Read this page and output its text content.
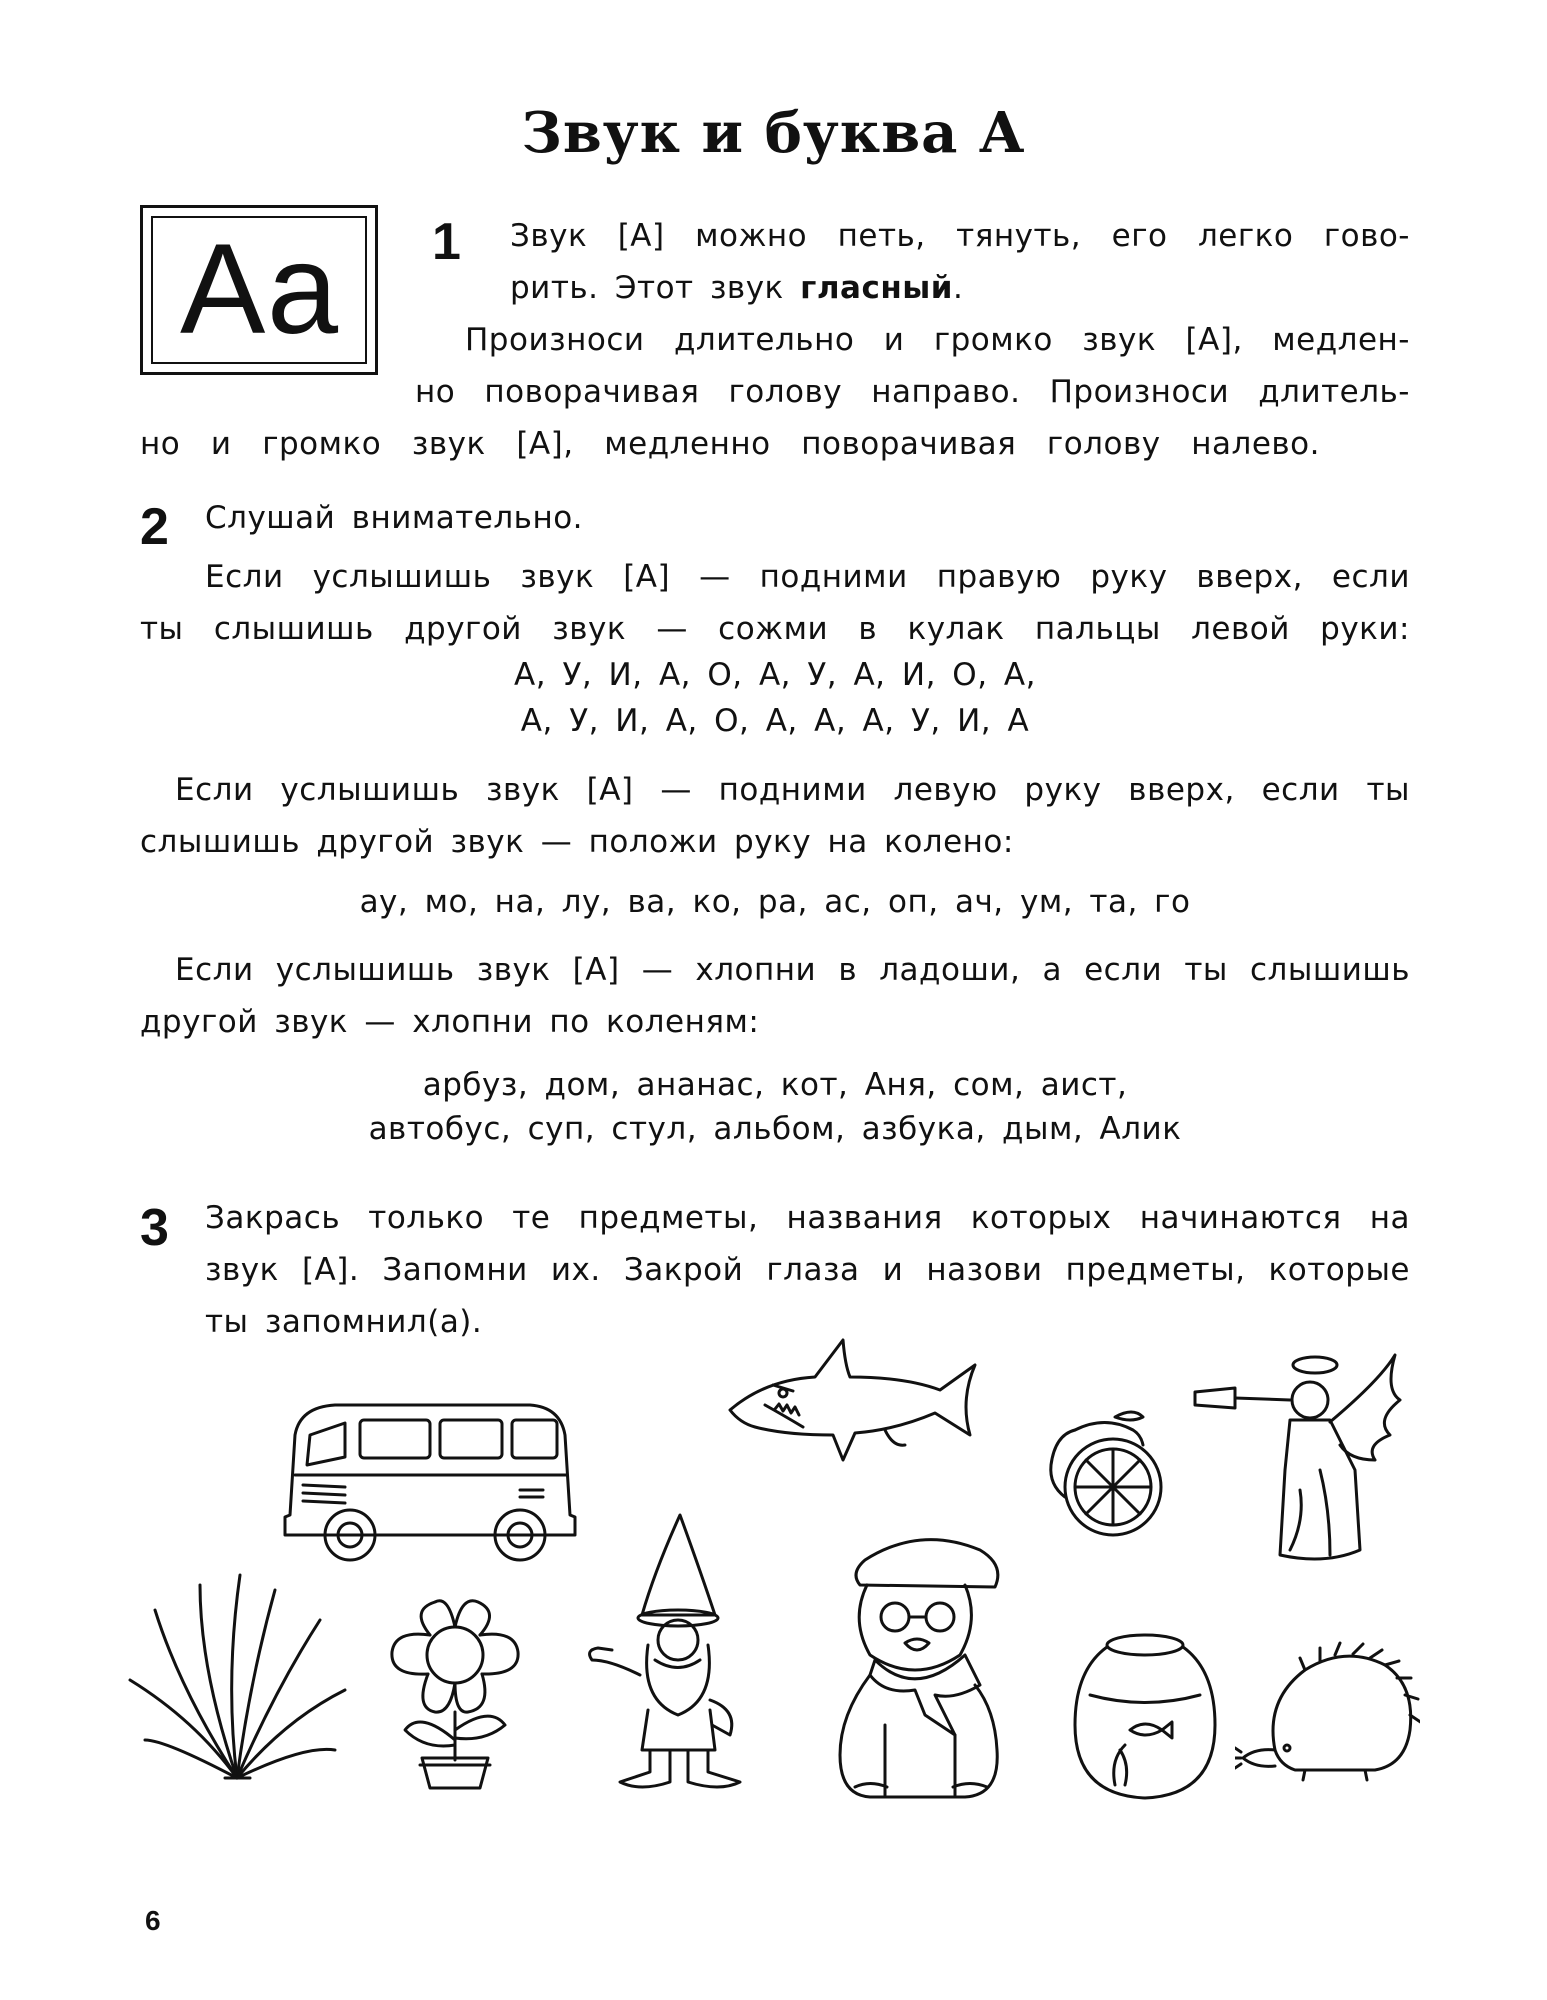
Звук и буква А
Аа	1 Звук [А] можно петь, тянуть, его легко гово-
рить. Этот звук гласный.
Произноси длительно и громко звук [А], медлен-
но поворачивая голову направо. Произноси длитель-
но и громко звук [А], медленно поворачивая голову налево.
2 Слушай внимательно.
Если услышишь звук [А] — подними правую руку вверх, если
ты слышишь другой звук — сожми в кулак пальцы левой руки:
А, У, И, А, О, А, У, А, И, О, А,
А, У, И, А, О, А, А, А, У, И, А
Если услышишь звук [А] — подними левую руку вверх, если ты
слышишь другой звук — положи руку на колено:
ау, мо, на, лу, ва, ко, ра, ас, оп, ач, ум, та, го
Если услышишь звук [А] — хлопни в ладоши, а если ты слышишь
другой звук — хлопни по коленям:
арбуз, дом, ананас, кот, Аня, сом, аист,
автобус, суп, стул, альбом, азбука, дым, Алик
3 Закрась только те предметы, названия которых начинаются на
звук [А]. Запомни их. Закрой глаза и назови предметы, которые
ты запомнил(а).
6
